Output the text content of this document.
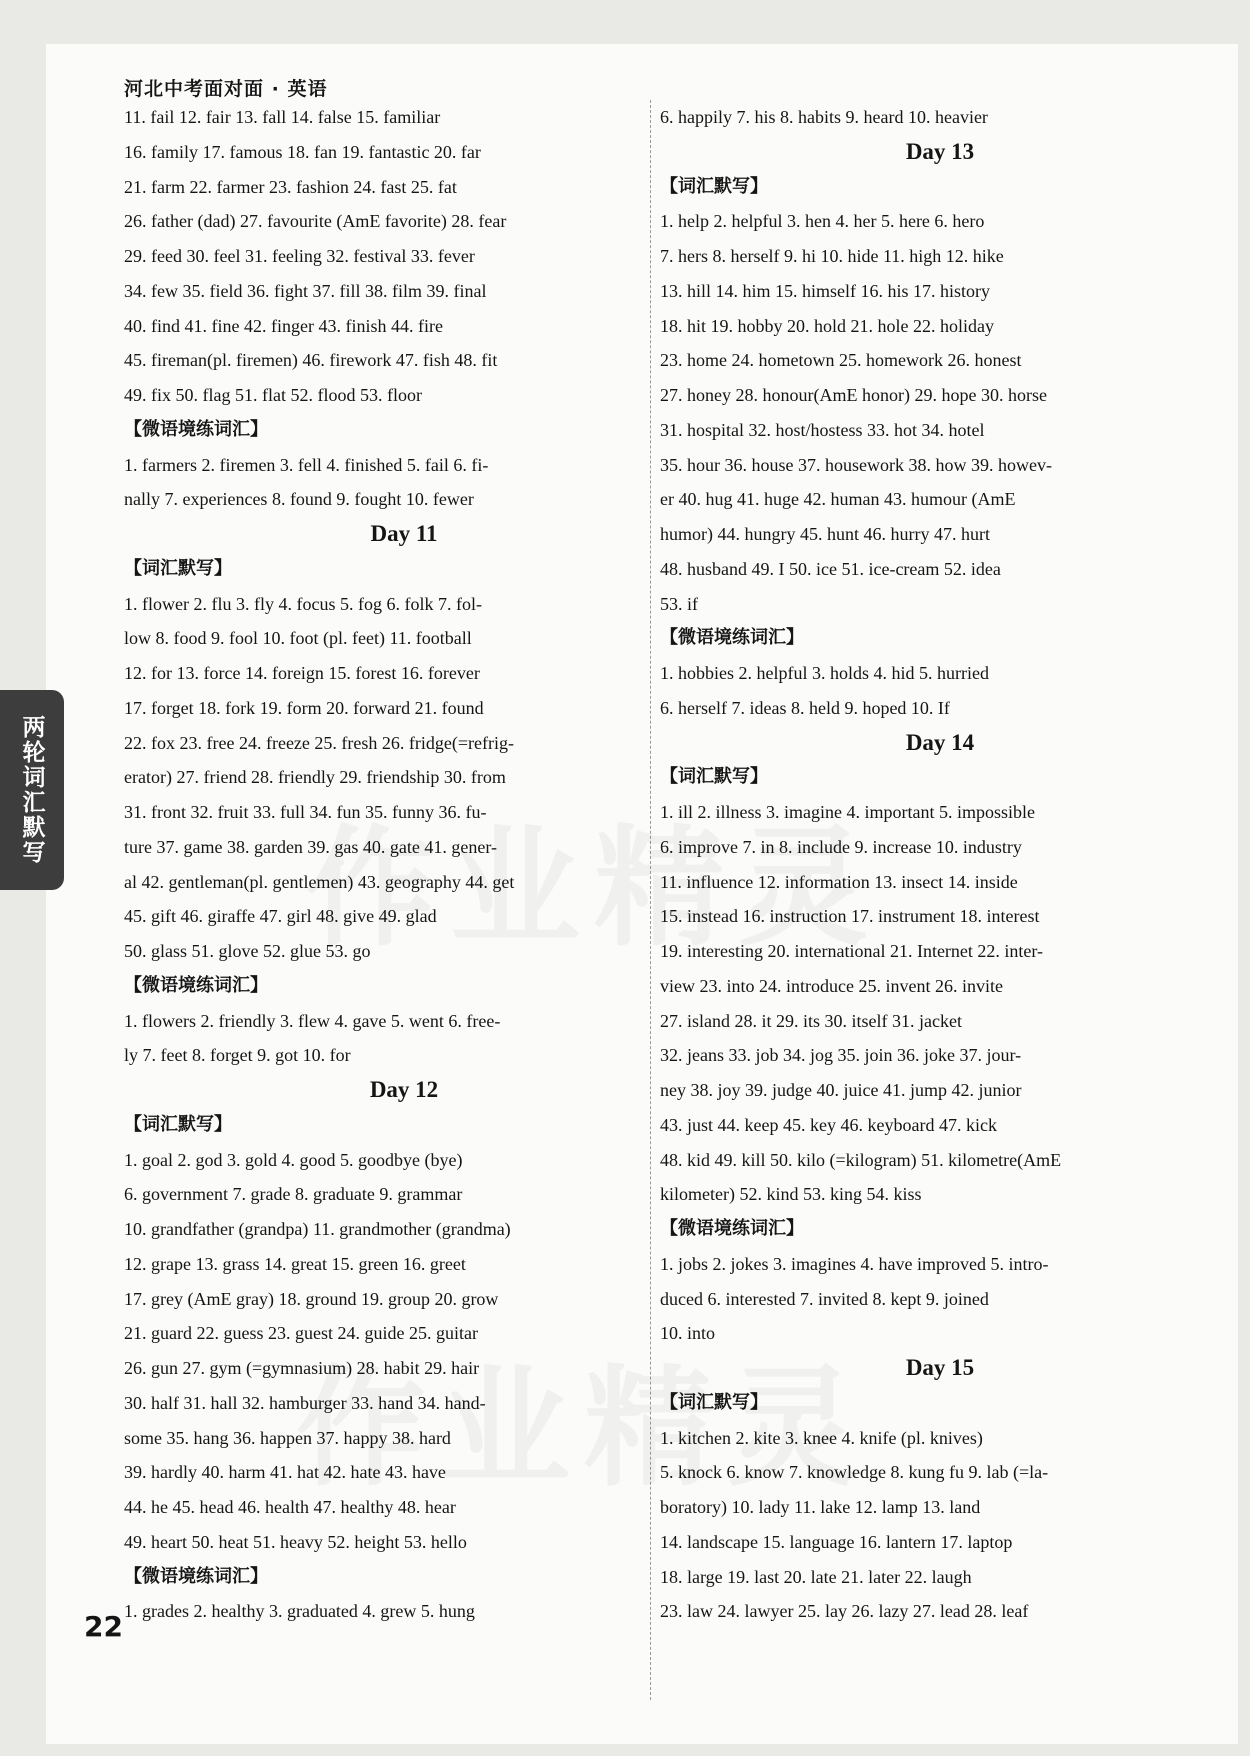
河北中考面对面 · 英语
11. fail 12. fair 13. fall 14. false 15. familiar
16. family 17. famous 18. fan 19. fantastic 20. far
21. farm 22. farmer 23. fashion 24. fast 25. fat
26. father (dad) 27. favourite (AmE favorite) 28. fear
29. feed 30. feel 31. feeling 32. festival 33. fever
34. few 35. field 36. fight 37. fill 38. film 39. final
40. find 41. fine 42. finger 43. finish 44. fire
45. fireman(pl. firemen) 46. firework 47. fish 48. fit
49. fix 50. flag 51. flat 52. flood 53. floor
【微语境练词汇】
1. farmers 2. firemen 3. fell 4. finished 5. fail 6. fi-
nally 7. experiences 8. found 9. fought 10. fewer
Day 11
【词汇默写】
1. flower 2. flu 3. fly 4. focus 5. fog 6. folk 7. fol-
low 8. food 9. fool 10. foot (pl. feet) 11. football
12. for 13. force 14. foreign 15. forest 16. forever
17. forget 18. fork 19. form 20. forward 21. found
22. fox 23. free 24. freeze 25. fresh 26. fridge(=refrig-
erator) 27. friend 28. friendly 29. friendship 30. from
31. front 32. fruit 33. full 34. fun 35. funny 36. fu-
ture 37. game 38. garden 39. gas 40. gate 41. gener-
al 42. gentleman(pl. gentlemen) 43. geography 44. get
45. gift 46. giraffe 47. girl 48. give 49. glad
50. glass 51. glove 52. glue 53. go
【微语境练词汇】
1. flowers 2. friendly 3. flew 4. gave 5. went 6. free-
ly 7. feet 8. forget 9. got 10. for
Day 12
【词汇默写】
1. goal 2. god 3. gold 4. good 5. goodbye (bye)
6. government 7. grade 8. graduate 9. grammar
10. grandfather (grandpa) 11. grandmother (grandma)
12. grape 13. grass 14. great 15. green 16. greet
17. grey (AmE gray) 18. ground 19. group 20. grow
21. guard 22. guess 23. guest 24. guide 25. guitar
26. gun 27. gym (=gymnasium) 28. habit 29. hair
30. half 31. hall 32. hamburger 33. hand 34. hand-
some 35. hang 36. happen 37. happy 38. hard
39. hardly 40. harm 41. hat 42. hate 43. have
44. he 45. head 46. health 47. healthy 48. hear
49. heart 50. heat 51. heavy 52. height 53. hello
【微语境练词汇】
1. grades 2. healthy 3. graduated 4. grew 5. hung
6. happily 7. his 8. habits 9. heard 10. heavier
Day 13
【词汇默写】
1. help 2. helpful 3. hen 4. her 5. here 6. hero
7. hers 8. herself 9. hi 10. hide 11. high 12. hike
13. hill 14. him 15. himself 16. his 17. history
18. hit 19. hobby 20. hold 21. hole 22. holiday
23. home 24. hometown 25. homework 26. honest
27. honey 28. honour(AmE honor) 29. hope 30. horse
31. hospital 32. host/hostess 33. hot 34. hotel
35. hour 36. house 37. housework 38. how 39. howev-
er 40. hug 41. huge 42. human 43. humour (AmE
humor) 44. hungry 45. hunt 46. hurry 47. hurt
48. husband 49. I 50. ice 51. ice-cream 52. idea
53. if
【微语境练词汇】
1. hobbies 2. helpful 3. holds 4. hid 5. hurried
6. herself 7. ideas 8. held 9. hoped 10. If
Day 14
【词汇默写】
1. ill 2. illness 3. imagine 4. important 5. impossible
6. improve 7. in 8. include 9. increase 10. industry
11. influence 12. information 13. insect 14. inside
15. instead 16. instruction 17. instrument 18. interest
19. interesting 20. international 21. Internet 22. inter-
view 23. into 24. introduce 25. invent 26. invite
27. island 28. it 29. its 30. itself 31. jacket
32. jeans 33. job 34. jog 35. join 36. joke 37. jour-
ney 38. joy 39. judge 40. juice 41. jump 42. junior
43. just 44. keep 45. key 46. keyboard 47. kick
48. kid 49. kill 50. kilo (=kilogram) 51. kilometre(AmE
kilometer) 52. kind 53. king 54. kiss
【微语境练词汇】
1. jobs 2. jokes 3. imagines 4. have improved 5. intro-
duced 6. interested 7. invited 8. kept 9. joined
10. into
Day 15
【词汇默写】
1. kitchen 2. kite 3. knee 4. knife (pl. knives)
5. knock 6. know 7. knowledge 8. kung fu 9. lab (=la-
boratory) 10. lady 11. lake 12. lamp 13. land
14. landscape 15. language 16. lantern 17. laptop
18. large 19. last 20. late 21. later 22. laugh
23. law 24. lawyer 25. lay 26. lazy 27. lead 28. leaf
两轮词汇默写
22
